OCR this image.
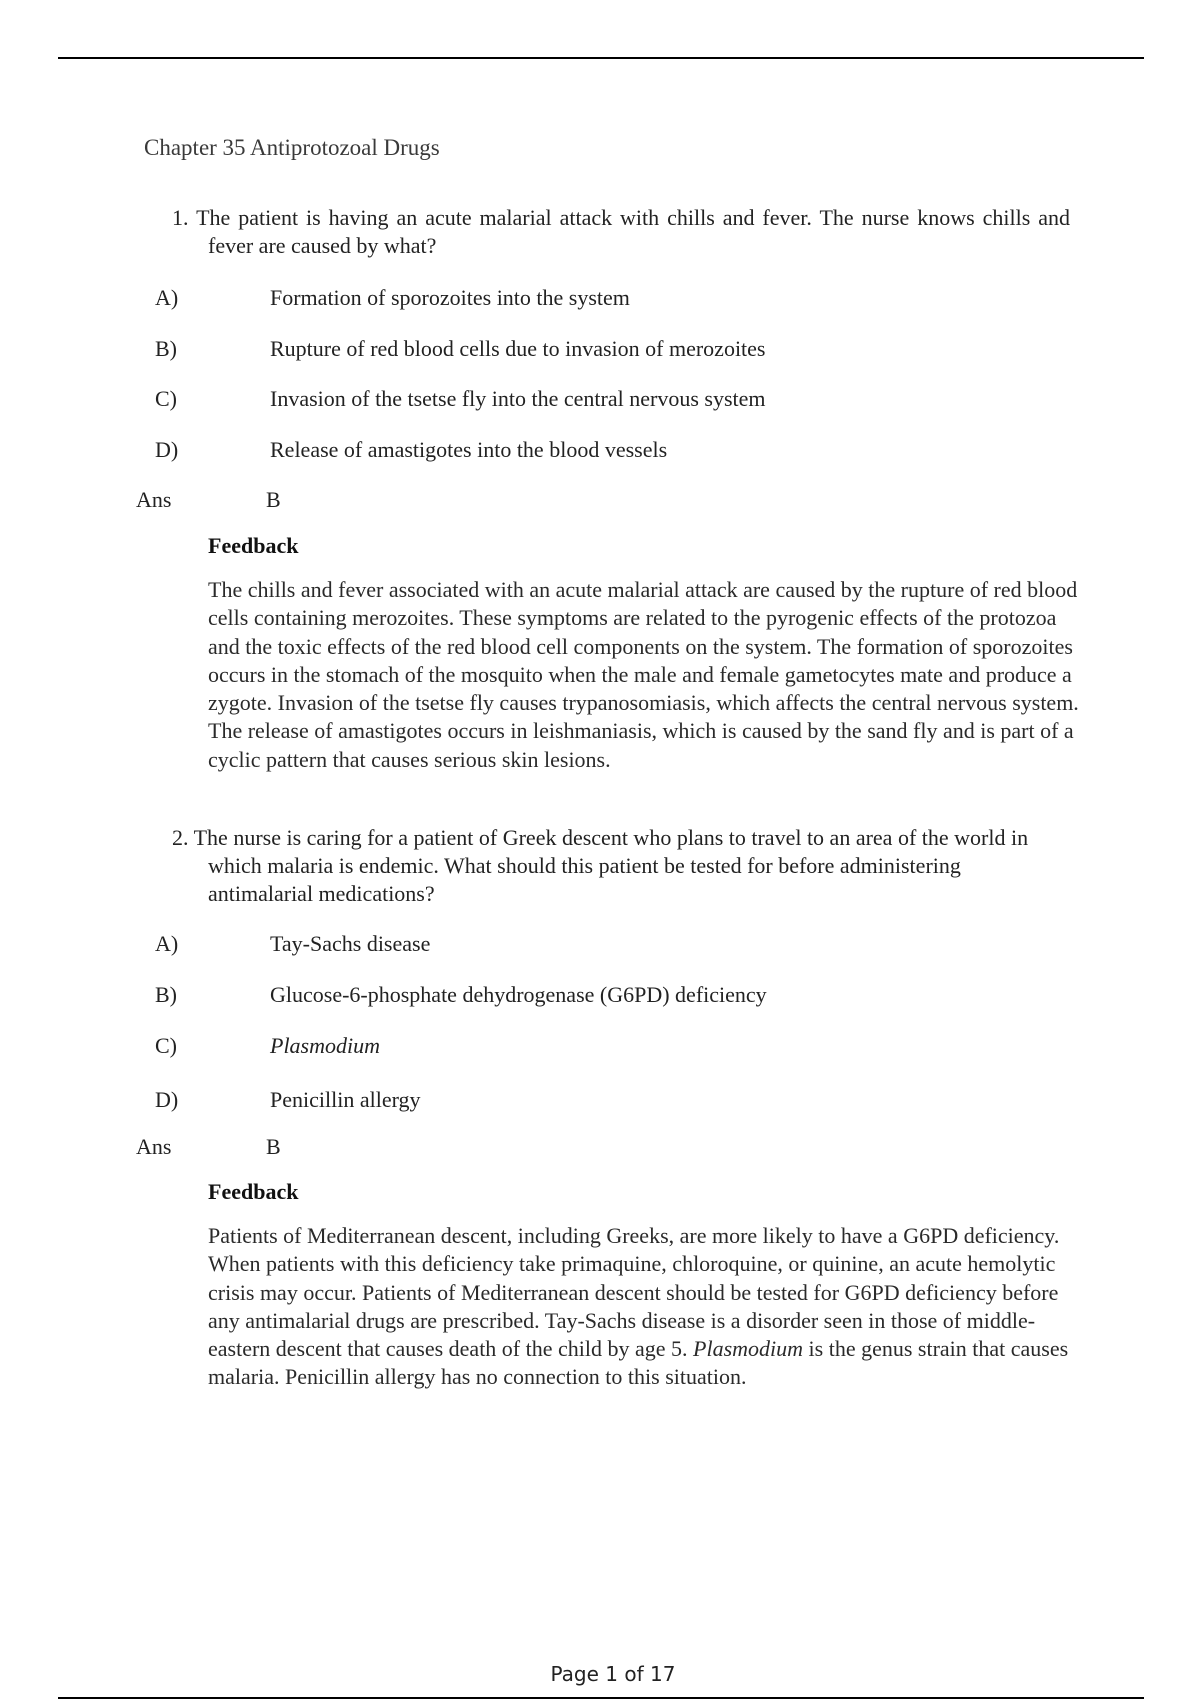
Chapter 35 Antiprotozoal Drugs
1. The patient is having an acute malarial attack with chills and fever. The nurse knows chills and fever are caused by what?
A)	Formation of sporozoites into the system
B)	Rupture of red blood cells due to invasion of merozoites
C)	Invasion of the tsetse fly into the central nervous system
D)	Release of amastigotes into the blood vessels
Ans	B
Feedback
The chills and fever associated with an acute malarial attack are caused by the rupture of red blood cells containing merozoites. These symptoms are related to the pyrogenic effects of the protozoa and the toxic effects of the red blood cell components on the system. The formation of sporozoites occurs in the stomach of the mosquito when the male and female gametocytes mate and produce a zygote. Invasion of the tsetse fly causes trypanosomiasis, which affects the central nervous system. The release of amastigotes occurs in leishmaniasis, which is caused by the sand fly and is part of a cyclic pattern that causes serious skin lesions.
2. The nurse is caring for a patient of Greek descent who plans to travel to an area of the world in which malaria is endemic. What should this patient be tested for before administering antimalarial medications?
A)	Tay-Sachs disease
B)	Glucose-6-phosphate dehydrogenase (G6PD) deficiency
C)	Plasmodium
D)	Penicillin allergy
Ans	B
Feedback
Patients of Mediterranean descent, including Greeks, are more likely to have a G6PD deficiency. When patients with this deficiency take primaquine, chloroquine, or quinine, an acute hemolytic crisis may occur. Patients of Mediterranean descent should be tested for G6PD deficiency before any antimalarial drugs are prescribed. Tay-Sachs disease is a disorder seen in those of middle-eastern descent that causes death of the child by age 5. Plasmodium is the genus strain that causes malaria. Penicillin allergy has no connection to this situation.
Page 1 of 17
